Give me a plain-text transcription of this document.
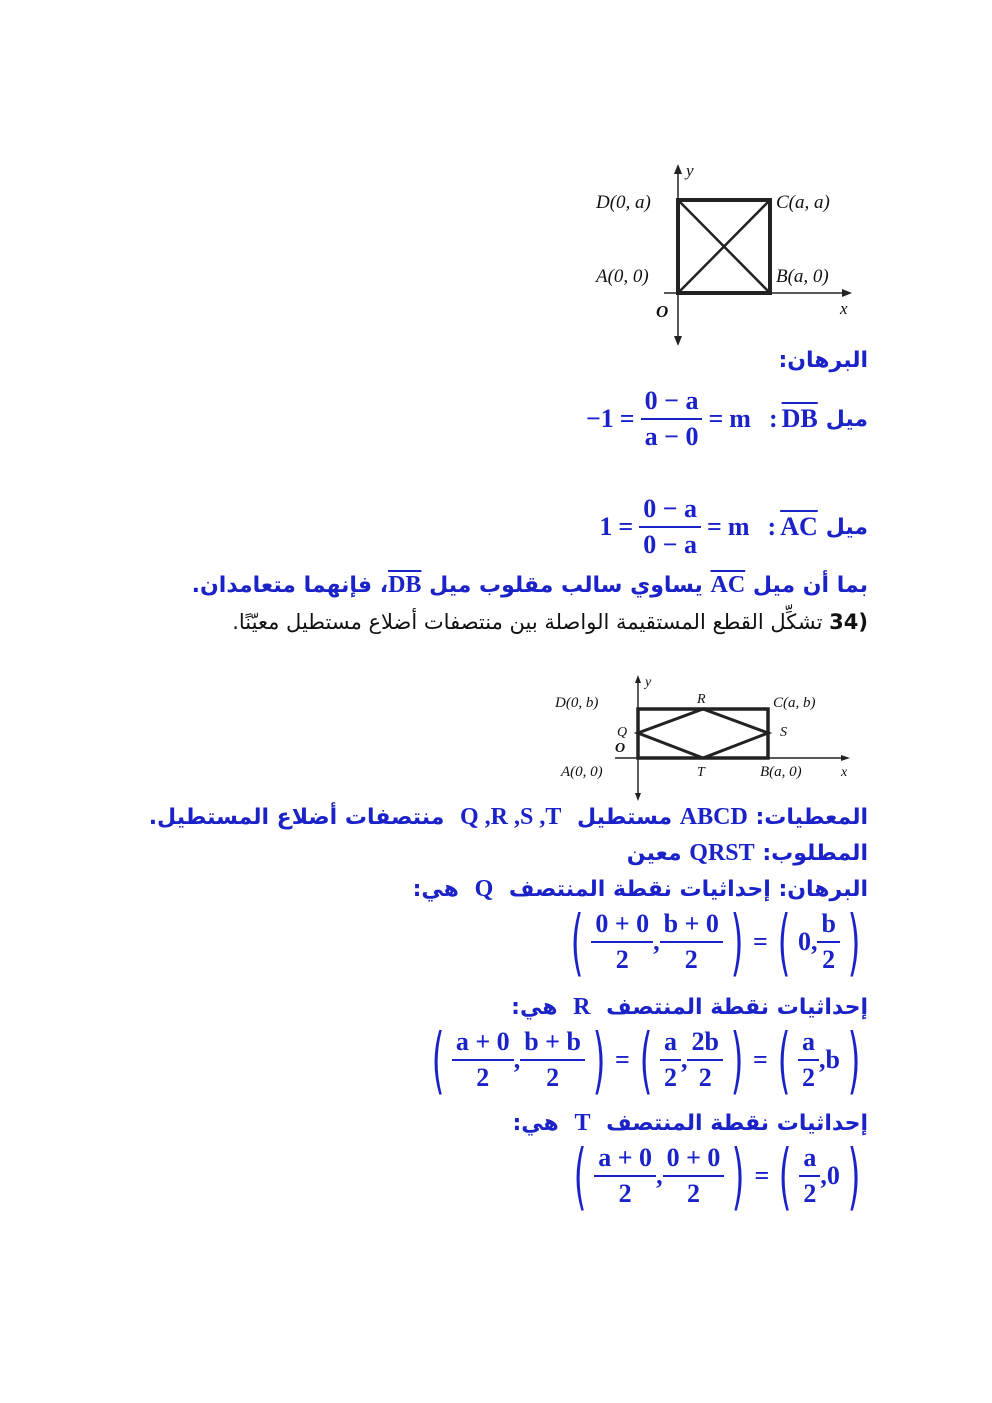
y
x
O
D(0, a)	C(a, a)
A(0, 0)	B(a, 0)
البرهان:
$-1 = \frac{0 - a}{a - 0} = m$ : $\overline{DB}$ ميل
$1 = \frac{0 - a}{0 - a} = m$ : $\overline{AC}$ ميل
بما أن ميل AC يساوي سالب مقلوب ميل DB، فإنهما متعامدان.
34) تشكِّل القطع المستقيمة الواصلة بين منتصفات أضلاع مستطيل معيّنًا.
y
x
O
D(0, b)	C(a, b)
A(0, 0)	B(a, 0)
Q
R
S
T
المعطيات: ABCD مستطيل Q ,R ,S ,T منتصفات أضلاع المستطيل.
المطلوب: QRST معين
البرهان: إحداثيات نقطة المنتصف Q هي:
( $\frac{0 + 0}{2}$ , $\frac{b + 0}{2}$ ) = ( 0, $\frac{b}{2}$ )
إحداثيات نقطة المنتصف R هي:
( $\frac{a + 0}{2}$ , $\frac{b + b}{2}$ ) = ( $\frac{a}{2}$ , $\frac{2b}{2}$ ) = ( $\frac{a}{2} ,b$ )
إحداثيات نقطة المنتصف T هي:
( $\frac{a + 0}{2}$ , $\frac{0 + 0}{2}$ ) = ( $\frac{a}{2} ,0$ )
